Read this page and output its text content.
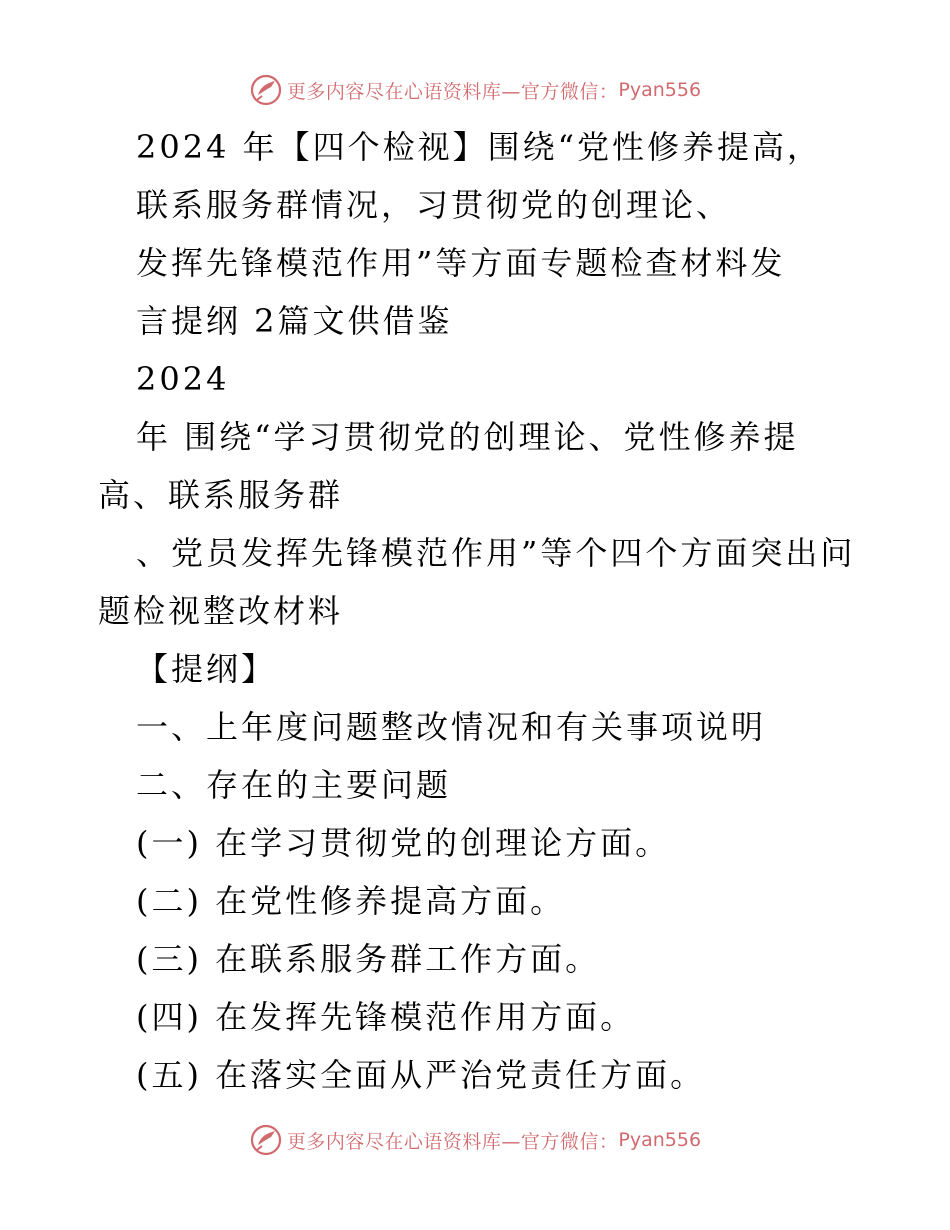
更多内容尽在心语资料库—官方微信： Pyan556
2024 年【四个检视】围绕“党性修养提高，
联系服务群情况，习贯彻党的创理论、
发挥先锋模范作用”等方面专题检查材料发
言提纲 2篇文供借鉴
2024
年 围绕“学习贯彻党的创理论、党性修养提
高、联系服务群
、党员发挥先锋模范作用”等个四个方面突出问
题检视整改材料
【提纲】
一、上年度问题整改情况和有关事项说明
二、存在的主要问题
(一) 在学习贯彻党的创理论方面。
(二) 在党性修养提高方面。
(三) 在联系服务群工作方面。
(四) 在发挥先锋模范作用方面。
(五) 在落实全面从严治党责任方面。
更多内容尽在心语资料库—官方微信： Pyan556
